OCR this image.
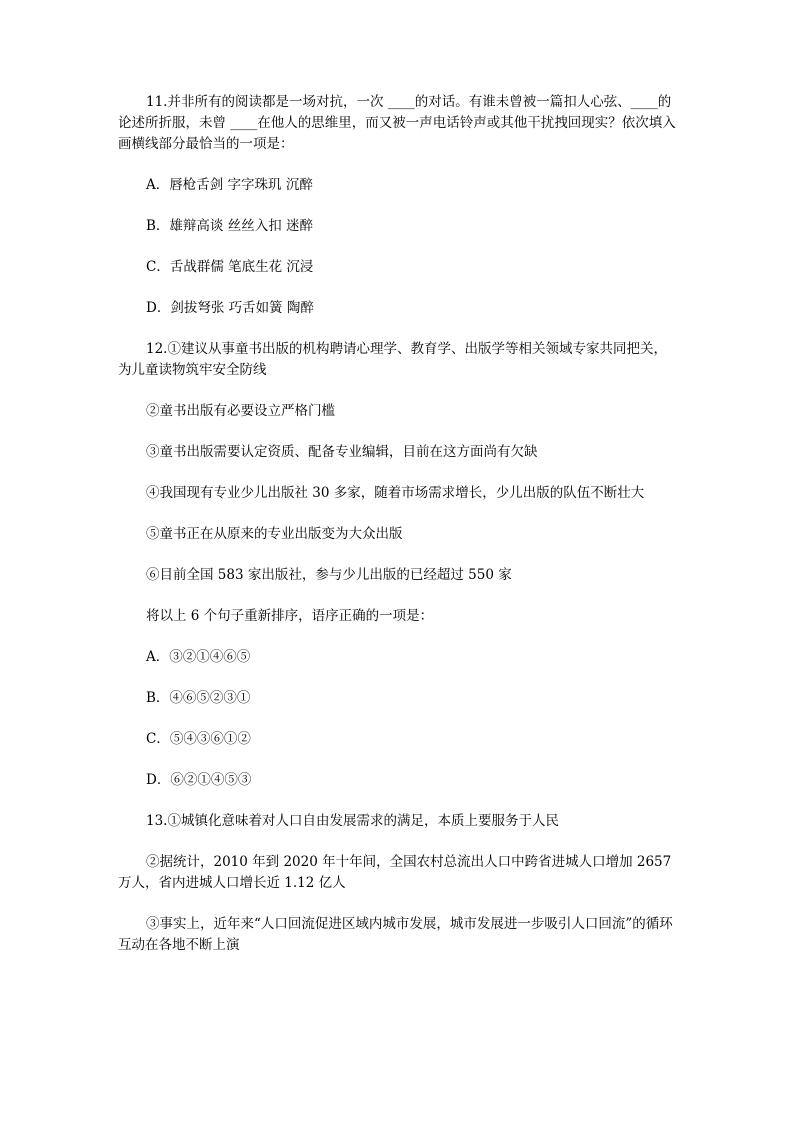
11.并非所有的阅读都是一场对抗，一次 ____的对话。有谁未曾被一篇扣人心弦、____的论述所折服，未曾 ____在他人的思维里，而又被一声电话铃声或其他干扰拽回现实？依次填入画横线部分最恰当的一项是：

A．唇枪舌剑 字字珠玑 沉醉

B．雄辩高谈 丝丝入扣 迷醉

C．舌战群儒 笔底生花 沉浸

D．剑拔弩张 巧舌如簧 陶醉

12.①建议从事童书出版的机构聘请心理学、教育学、出版学等相关领域专家共同把关，为儿童读物筑牢安全防线

②童书出版有必要设立严格门槛

③童书出版需要认定资质、配备专业编辑，目前在这方面尚有欠缺

④我国现有专业少儿出版社 30 多家，随着市场需求增长，少儿出版的队伍不断壮大

⑤童书正在从原来的专业出版变为大众出版

⑥目前全国 583 家出版社，参与少儿出版的已经超过 550 家

将以上 6 个句子重新排序，语序正确的一项是：

A．③②①④⑥⑤

B．④⑥⑤②③①

C．⑤④③⑥①②

D．⑥②①④⑤③

13.①城镇化意味着对人口自由发展需求的满足，本质上要服务于人民

②据统计，2010 年到 2020 年十年间，全国农村总流出人口中跨省进城人口增加 2657 万人，省内进城人口增长近 1.12 亿人

③事实上，近年来“人口回流促进区域内城市发展，城市发展进一步吸引人口回流”的循环互动在各地不断上演
